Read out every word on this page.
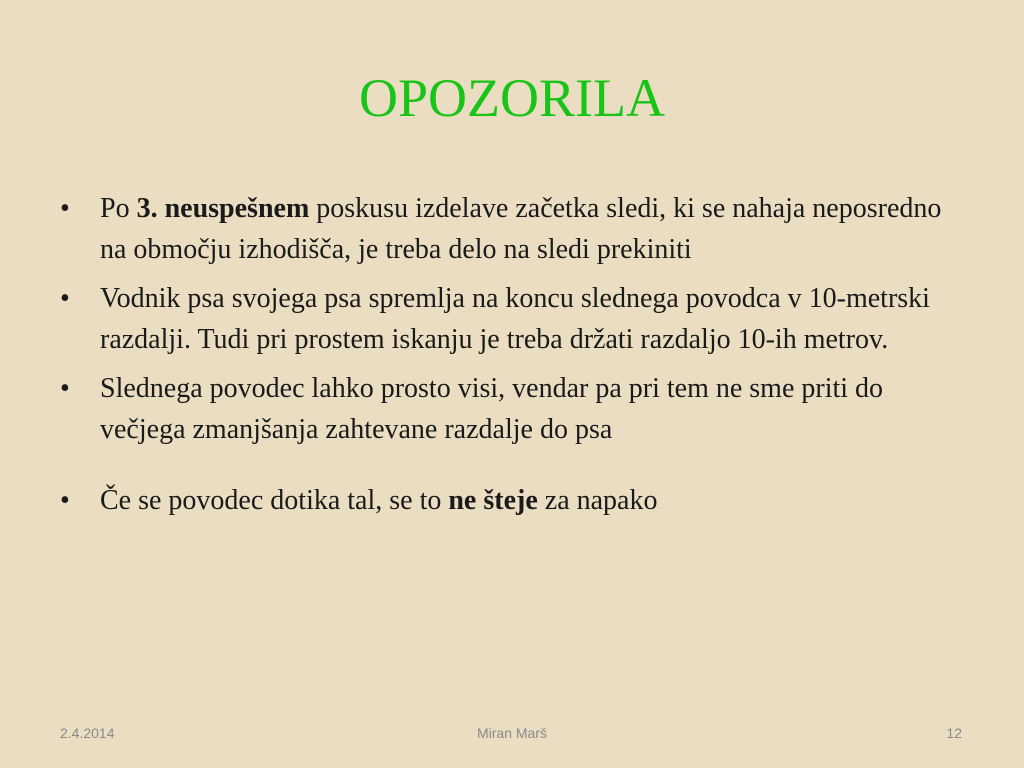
OPOZORILA
•	Po 3. neuspešnem poskusu izdelave začetka sledi, ki se nahaja neposredno na območju izhodišča, je treba delo na sledi prekiniti
•	Vodnik psa svojega psa spremlja na koncu slednega povodca v 10-metrski razdalji. Tudi pri prostem iskanju je treba držati razdaljo 10-ih metrov.
•	Slednega povodec lahko prosto visi, vendar pa pri tem ne sme priti do večjega zmanjšanja zahtevane razdalje do psa
•	Če se povodec dotika tal, se to ne šteje za napako
2.4.2014	Miran Marš	12
